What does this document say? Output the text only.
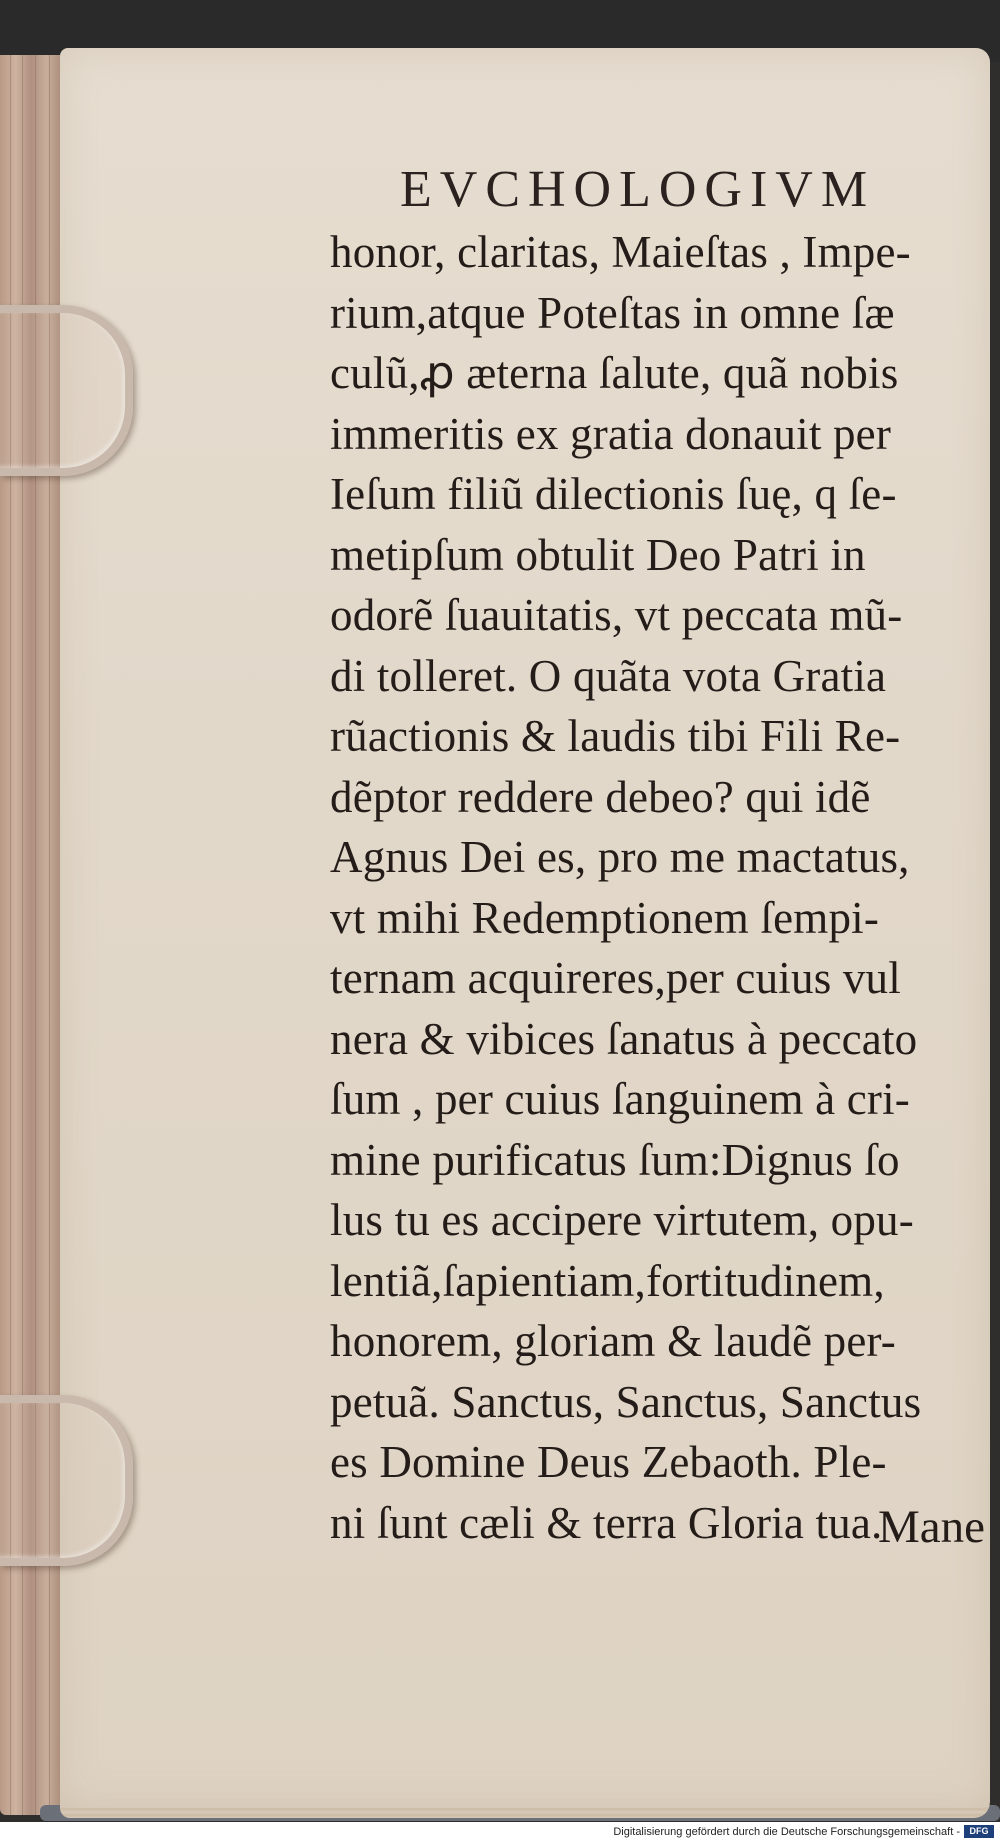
EVCHOLOGIVM
honor, claritas, Maieſtas , Impe-
rium,atque Poteſtas in omne ſæ
culũ,ꝓ æterna ſalute, quã nobis
immeritis ex gratia donauit per
Ieſum filiũ dilectionis ſuę, q ſe-
metipſum obtulit Deo Patri in
odorẽ ſuauitatis, vt peccata mũ-
di tolleret. O quãta vota Gratia
rũactionis & laudis tibi Fili Re-
dẽptor reddere debeo? qui idẽ
Agnus Dei es, pro me mactatus,
vt mihi Redemptionem ſempi-
ternam acquireres,per cuius vul
nera & vibices ſanatus à peccato
ſum , per cuius ſanguinem à cri-
mine purificatus ſum:Dignus ſo
lus tu es accipere virtutem, opu-
lentiã,ſapientiam,fortitudinem,
honorem, gloriam & laudẽ per-
petuã. Sanctus, Sanctus, Sanctus
es Domine Deus Zebaoth. Ple-
ni ſunt cæli & terra Gloria tua.
Mane
Digitalisierung gefördert durch die Deutsche Forschungsgemeinschaft -	DFG
